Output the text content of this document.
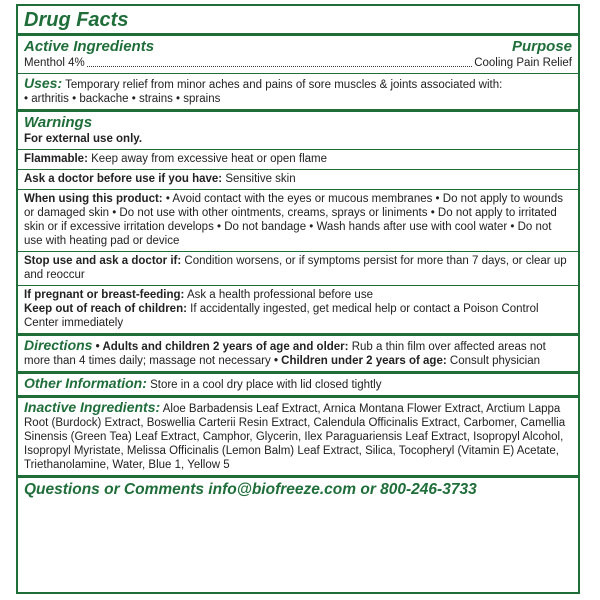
Drug Facts
Active Ingredients	Purpose
Menthol 4%	Cooling Pain Relief

Uses: Temporary relief from minor aches and pains of sore muscles & joints associated with:

• arthritis • backache • strains • sprains

Warnings

For external use only.

Flammable: Keep away from excessive heat or open flame

Ask a doctor before use if you have: Sensitive skin

When using this product: • Avoid contact with the eyes or mucous membranes • Do not apply to wounds or damaged skin • Do not use with other ointments, creams, sprays or liniments • Do not apply to irritated skin or if excessive irritation develops • Do not bandage • Wash hands after use with cool water • Do not use with heating pad or device

Stop use and ask a doctor if: Condition worsens, or if symptoms persist for more than 7 days, or clear up and reoccur

If pregnant or breast-feeding: Ask a health professional before use

Keep out of reach of children: If accidentally ingested, get medical help or contact a Poison Control Center immediately

Directions • Adults and children 2 years of age and older: Rub a thin film over affected areas not more than 4 times daily; massage not necessary • Children under 2 years of age: Consult physician

Other Information: Store in a cool dry place with lid closed tightly

Inactive Ingredients: Aloe Barbadensis Leaf Extract, Arnica Montana Flower Extract, Arctium Lappa Root (Burdock) Extract, Boswellia Carterii Resin Extract, Calendula Officinalis Extract, Carbomer, Camellia Sinensis (Green Tea) Leaf Extract, Camphor, Glycerin, Ilex Paraguariensis Leaf Extract, Isopropyl Alcohol, Isopropyl Myristate, Melissa Officinalis (Lemon Balm) Leaf Extract, Silica, Tocopheryl (Vitamin E) Acetate, Triethanolamine, Water, Blue 1, Yellow 5

Questions or Comments info@biofreeze.com or 800-246-3733
